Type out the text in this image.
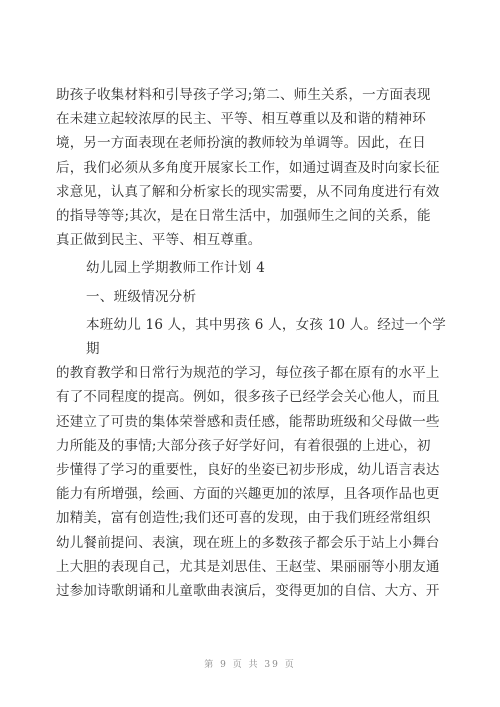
助孩子收集材料和引导孩子学习;第二、师生关系，一方面表现

在未建立起较浓厚的民主、平等、相互尊重以及和谐的精神环

境，另一方面表现在老师扮演的教师较为单调等。因此，在日

后，我们必须从多角度开展家长工作，如通过调查及时向家长征

求意见，认真了解和分析家长的现实需要，从不同角度进行有效

的指导等等;其次，是在日常生活中，加强师生之间的关系，能

真正做到民主、平等、相互尊重。

幼儿园上学期教师工作计划 4
一、班级情况分析

本班幼儿 16 人，其中男孩 6 人，女孩 10 人。经过一个学期

的教育教学和日常行为规范的学习，每位孩子都在原有的水平上

有了不同程度的提高。例如，很多孩子已经学会关心他人，而且

还建立了可贵的集体荣誉感和责任感，能帮助班级和父母做一些

力所能及的事情;大部分孩子好学好问，有着很强的上进心，初

步懂得了学习的重要性，良好的坐姿已初步形成，幼儿语言表达

能力有所增强，绘画、方面的兴趣更加的浓厚，且各项作品也更

加精美，富有创造性;我们还可喜的发现，由于我们班经常组织

幼儿餐前提问、表演，现在班上的多数孩子都会乐于站上小舞台

上大胆的表现自己，尤其是刘思佳、王赵莹、果丽丽等小朋友通

过参加诗歌朗诵和儿童歌曲表演后，变得更加的自信、大方、开

第 9 页 共 39 页
